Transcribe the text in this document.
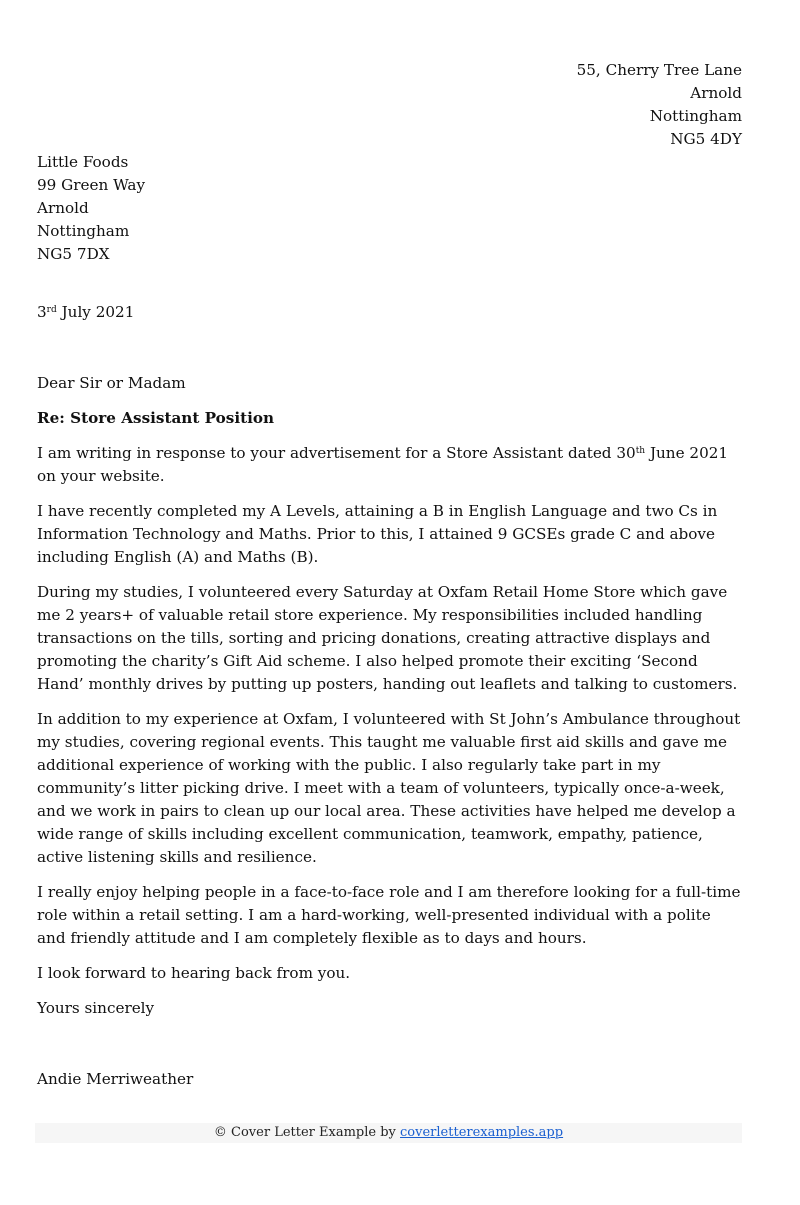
55, Cherry Tree Lane
Arnold
Nottingham
NG5 4DY
Little Foods
99 Green Way
Arnold
Nottingham
NG5 7DX
3rd July 2021
Dear Sir or Madam
Re: Store Assistant Position
I am writing in response to your advertisement for a Store Assistant dated 30th June 2021 on your website.
I have recently completed my A Levels, attaining a B in English Language and two Cs in Information Technology and Maths. Prior to this, I attained 9 GCSEs grade C and above including English (A) and Maths (B).
During my studies, I volunteered every Saturday at Oxfam Retail Home Store which gave me 2 years+ of valuable retail store experience. My responsibilities included handling transactions on the tills, sorting and pricing donations, creating attractive displays and promoting the charity’s Gift Aid scheme. I also helped promote their exciting ‘Second Hand’ monthly drives by putting up posters, handing out leaflets and talking to customers.
In addition to my experience at Oxfam, I volunteered with St John’s Ambulance throughout my studies, covering regional events. This taught me valuable first aid skills and gave me additional experience of working with the public. I also regularly take part in my community’s litter picking drive. I meet with a team of volunteers, typically once-a-week, and we work in pairs to clean up our local area. These activities have helped me develop a wide range of skills including excellent communication, teamwork, empathy, patience, active listening skills and resilience.
I really enjoy helping people in a face-to-face role and I am therefore looking for a full-time role within a retail setting. I am a hard-working, well-presented individual with a polite and friendly attitude and I am completely flexible as to days and hours.
I look forward to hearing back from you.
Yours sincerely
Andie Merriweather
© Cover Letter Example by coverletterexamples.app
